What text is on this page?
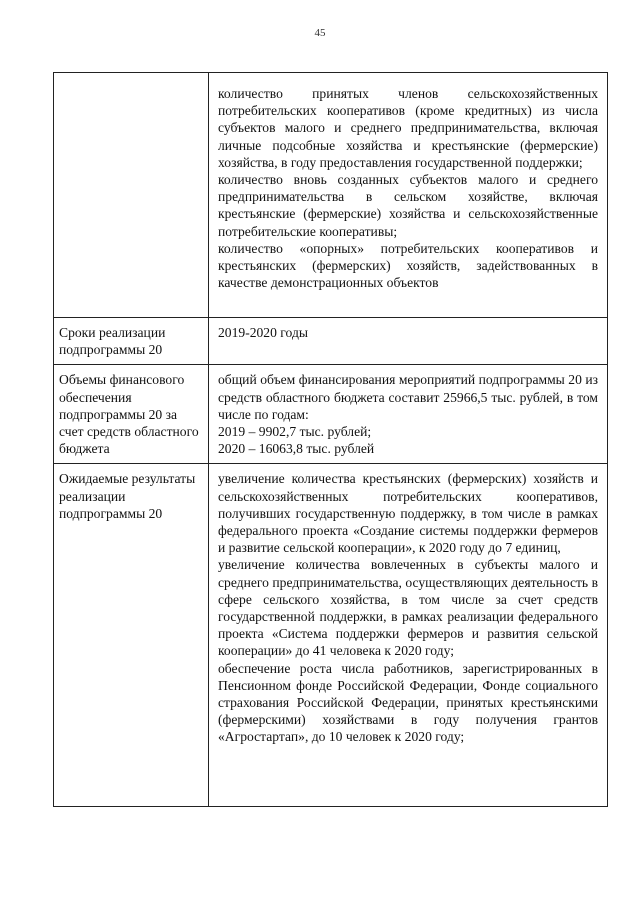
45

	количество принятых членов сельскохозяйственных потребительских кооперативов (кроме кредитных) из числа субъектов малого и среднего предпринимательства, включая личные подсобные хозяйства и крестьянские (фермерские) хозяйства, в году предоставления государственной поддержки;
количество вновь созданных субъектов малого и среднего предпринимательства в сельском хозяйстве, включая крестьянские (фермерские) хозяйства и сельскохозяйственные потребительские кооперативы;
количество «опорных» потребительских кооперативов и крестьянских (фермерских) хозяйств, задействованных в качестве демонстрационных объектов

Сроки реализации подпрограммы 20	2019-2020 годы

Объемы финансового обеспечения подпрограммы 20 за счет средств областного бюджета	общий объем финансирования мероприятий подпрограммы 20 из средств областного бюджета составит 25966,5 тыс. рублей, в том числе по годам:
2019 – 9902,7 тыс. рублей;
2020 – 16063,8 тыс. рублей

Ожидаемые результаты реализации подпрограммы 20	увеличение количества крестьянских (фермерских) хозяйств и сельскохозяйственных потребительских кооперативов, получивших государственную поддержку, в том числе в рамках федерального проекта «Создание системы поддержки фермеров и развитие сельской кооперации», к 2020 году до 7 единиц,
увеличение количества вовлеченных в субъекты малого и среднего предпринимательства, осуществляющих деятельность в сфере сельского хозяйства, в том числе за счет средств государственной поддержки, в рамках реализации федерального проекта «Система поддержки фермеров и развития сельской кооперации» до 41 человека к 2020 году;
обеспечение роста числа работников, зарегистрированных в Пенсионном фонде Российской Федерации, Фонде социального страхования Российской Федерации, принятых крестьянскими (фермерскими) хозяйствами в году получения грантов «Агростартап», до 10 человек к 2020 году;
